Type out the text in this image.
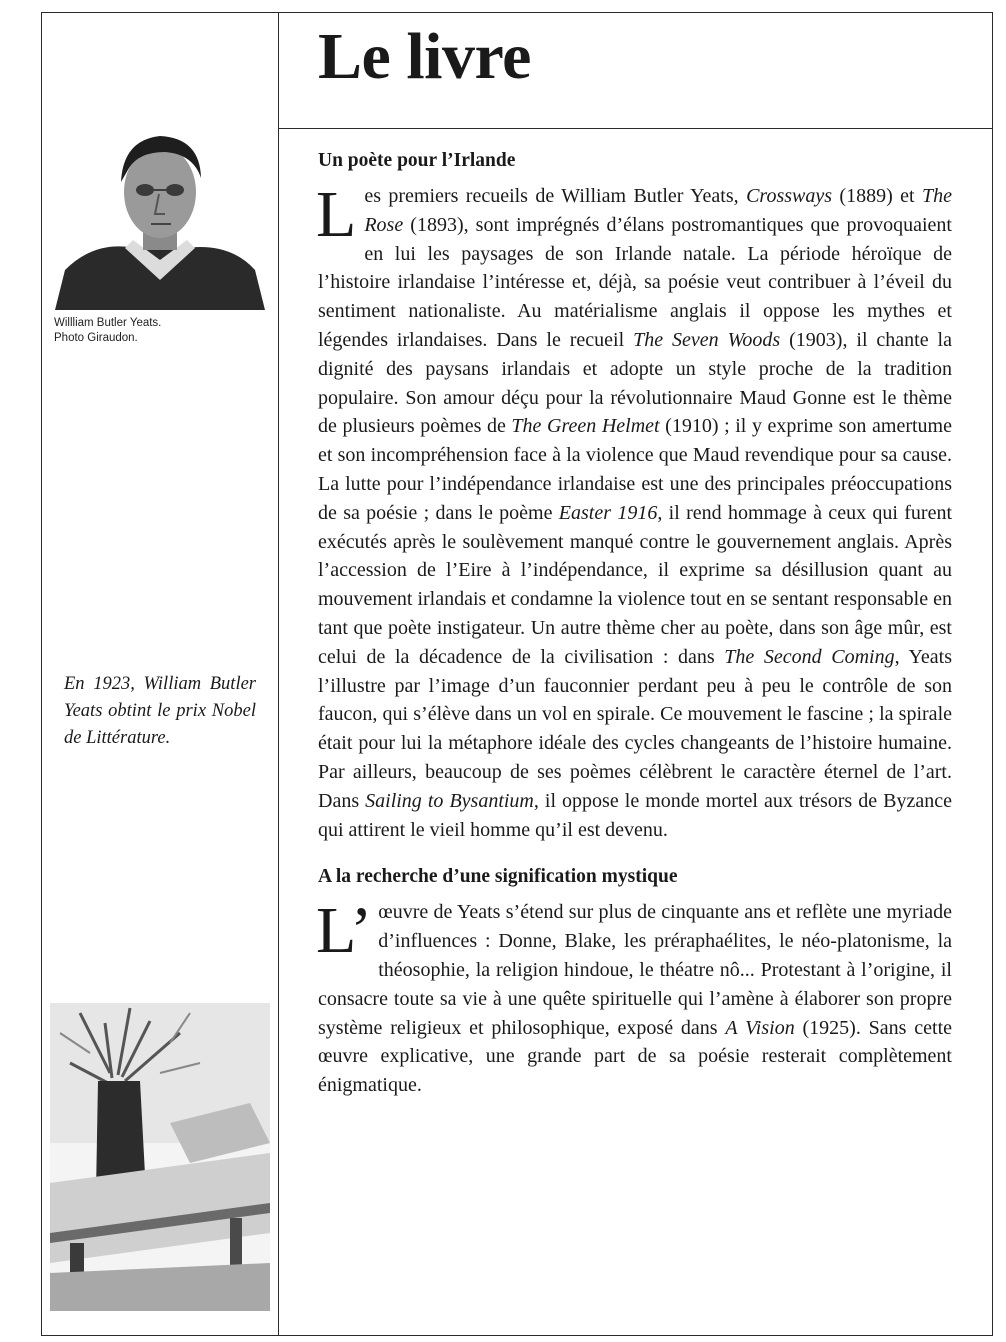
Le livre
Willliam Butler Yeats.
Photo Giraudon.

En 1923, William Butler Yeats obtint le prix Nobel de Littérature.

Un poète pour l’Irlande

Les premiers recueils de William Butler Yeats, Crossways (1889) et The Rose (1893), sont imprégnés d’élans postromantiques que provoquaient en lui les paysages de son Irlande natale. La période héroïque de l’histoire irlandaise l’intéresse et, déjà, sa poésie veut contribuer à l’éveil du sentiment nationaliste. Au matérialisme anglais il oppose les mythes et légendes irlandaises. Dans le recueil The Seven Woods (1903), il chante la dignité des paysans irlandais et adopte un style proche de la tradition populaire. Son amour déçu pour la révolutionnaire Maud Gonne est le thème de plusieurs poèmes de The Green Helmet (1910) ; il y exprime son amertume et son incompréhension face à la violence que Maud revendique pour sa cause. La lutte pour l’indépendance irlandaise est une des principales préoccupations de sa poésie ; dans le poème Easter 1916, il rend hommage à ceux qui furent exécutés après le soulèvement manqué contre le gouvernement anglais. Après l’accession de l’Eire à l’indépendance, il exprime sa désillusion quant au mouvement irlandais et condamne la violence tout en se sentant responsable en tant que poète instigateur. Un autre thème cher au poète, dans son âge mûr, est celui de la décadence de la civilisation : dans The Second Coming, Yeats l’illustre par l’image d’un fauconnier perdant peu à peu le contrôle de son faucon, qui s’élève dans un vol en spirale. Ce mouvement le fascine ; la spirale était pour lui la métaphore idéale des cycles changeants de l’histoire humaine. Par ailleurs, beaucoup de ses poèmes célèbrent le caractère éternel de l’art. Dans Sailing to Bysantium, il oppose le monde mortel aux trésors de Byzance qui attirent le vieil homme qu’il est devenu.

A la recherche d’une signification mystique

L’ œuvre de Yeats s’étend sur plus de cinquante ans et reflète une myriade d’influences : Donne, Blake, les préraphaélites, le néo-platonisme, la théosophie, la religion hindoue, le théatre nô... Protestant à l’origine, il consacre toute sa vie à une quête spirituelle qui l’amène à élaborer son propre système religieux et philosophique, exposé dans A Vision (1925). Sans cette œuvre explicative, une grande part de sa poésie resterait complètement énigmatique.
